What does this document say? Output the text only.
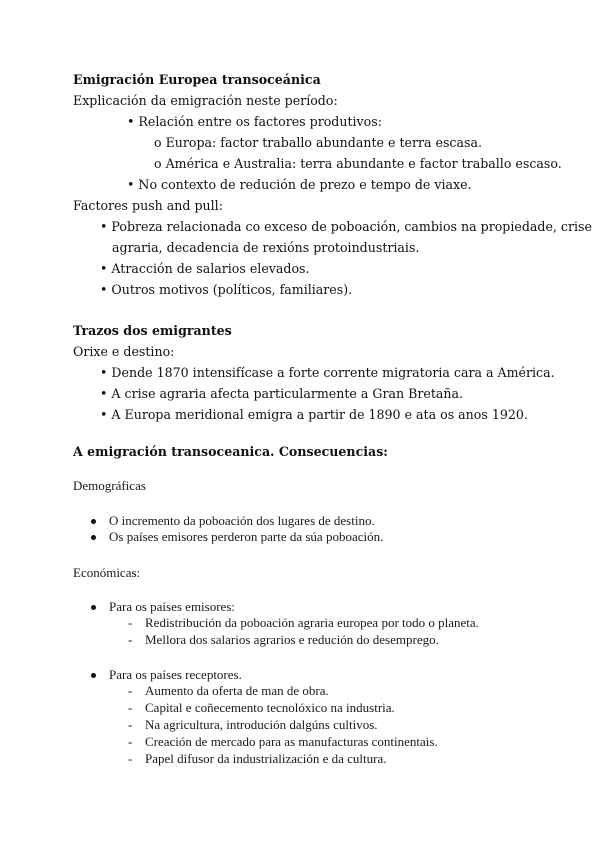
Emigración Europea transoceánica
Explicación da emigración neste período:
• Relación entre os factores produtivos:
o Europa: factor traballo abundante e terra escasa.
o América e Australia: terra abundante e factor traballo escaso.
• No contexto de redución de prezo e tempo de viaxe.
Factores push and pull:
• Pobreza relacionada co exceso de poboación, cambios na propiedade, crise
agraria, decadencia de rexións protoindustriais.
• Atracción de salarios elevados.
• Outros motivos (políticos, familiares).
Trazos dos emigrantes
Orixe e destino:
• Dende 1870 intensifícase a forte corrente migratoria cara a América.
• A crise agraria afecta particularmente a Gran Bretaña.
• A Europa meridional emigra a partir de 1890 e ata os anos 1920.
A emigración transoceanica. Consecuencias:
Demográficas
O incremento da poboación dos lugares de destino.
Os países emisores perderon parte da súa poboación.
Económicas:
Para os países emisores:
- Redistribución da poboación agraria europea por todo o planeta.
- Mellora dos salarios agrarios e redución do desemprego.
Para os países receptores.
- Aumento da oferta de man de obra.
- Capital e coñecemento tecnolóxico na industria.
- Na agricultura, introdución dalgúns cultivos.
- Creación de mercado para as manufacturas continentais.
- Papel difusor da industrialización e da cultura.
